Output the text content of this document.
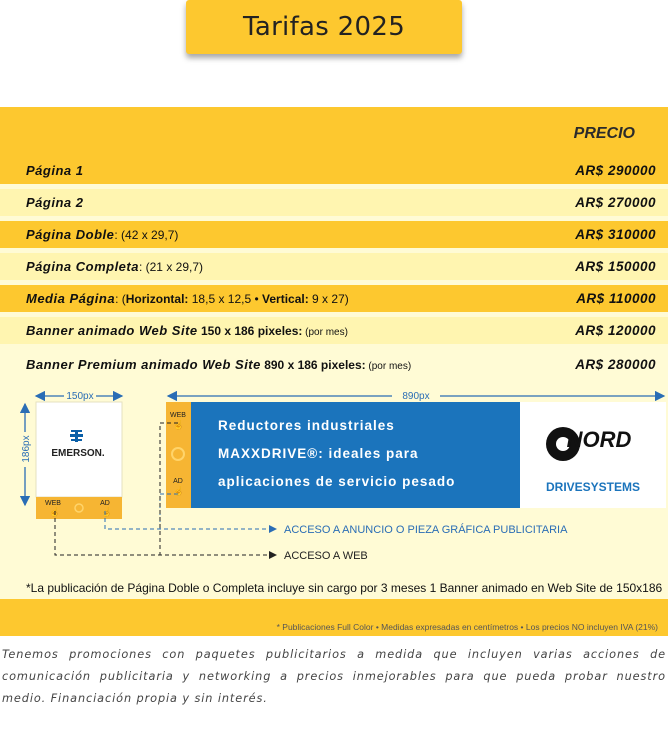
Tarifas 2025
PRECIO
Página 1	AR$ 290000
Página 2	AR$ 270000
Página Doble: (42 x 29,7)	AR$ 310000
Página Completa: (21 x 29,7)	AR$ 150000
Media Página: (Horizontal: 18,5 x 12,5 • Vertical: 9 x 27)	AR$ 110000
Banner animado Web Site 150 x 186 pixeles: (por mes)	AR$ 120000
Banner Premium animado Web Site 890 x 186 pixeles: (por mes)	AR$ 280000
150px
186px EMERSON.
WEB	AD
☝	☝
890px
WEB
☝
AD
☝
Reductores industriales
MAXXDRIVE®: ideales para
aplicaciones de servicio pesado
NORD
DRIVESYSTEMS
ACCESO A ANUNCIO O PIEZA GRÁFICA PUBLICITARIA
ACCESO A WEB
*La publicación de Página Doble o Completa incluye sin cargo por 3 meses 1 Banner animado en Web Site de 150x186
* Publicaciones Full Color • Medidas expresadas en centímetros • Los precios NO incluyen IVA (21%)
Tenemos promociones con paquetes publicitarios a medida que incluyen varias acciones de comunicación publicitaria y networking a precios inmejorables para que pueda probar nuestro medio. Financiación propia y sin interés.
